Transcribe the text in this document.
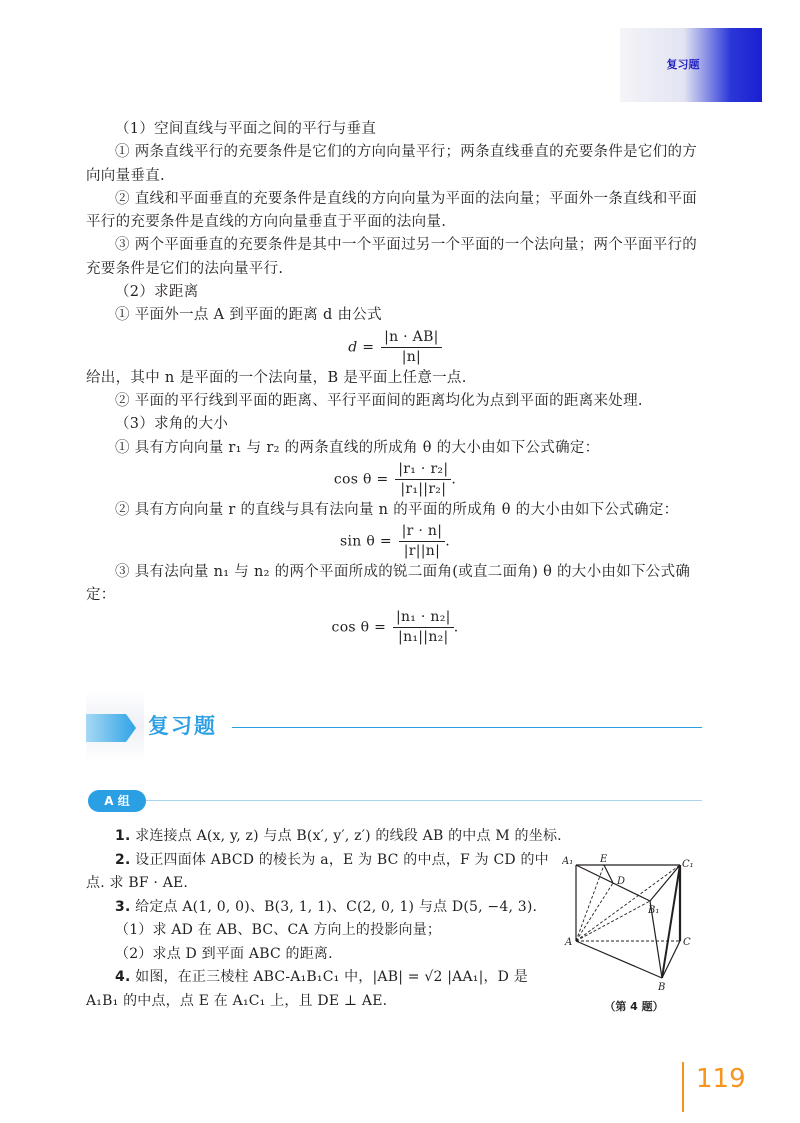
复习题

（1）空间直线与平面之间的平行与垂直

① 两条直线平行的充要条件是它们的方向向量平行；两条直线垂直的充要条件是它们的方向向量垂直.

② 直线和平面垂直的充要条件是直线的方向向量为平面的法向量；平面外一条直线和平面平行的充要条件是直线的方向向量垂直于平面的法向量.

③ 两个平面垂直的充要条件是其中一个平面过另一个平面的一个法向量；两个平面平行的充要条件是它们的法向量平行.

（2）求距离

① 平面外一点 A 到平面的距离 d 由公式

$d = \frac{|n \cdot AB|}{|n|}$

给出，其中 n 是平面的一个法向量，B 是平面上任意一点.

② 平面的平行线到平面的距离、平行平面间的距离均化为点到平面的距离来处理.

（3）求角的大小

① 具有方向向量 r₁ 与 r₂ 的两条直线的所成角 θ 的大小由如下公式确定：

$\cos \theta = \frac{\text{|r₁ · r₂|}}{\text{|r₁||r₂|}}$ .

② 具有方向向量 r 的直线与具有法向量 n 的平面的所成角 θ 的大小由如下公式确定：

$\sin \theta = \frac{|r \cdot n|}{|r||n|}$ .

③ 具有法向量 n₁ 与 n₂ 的两个平面所成的锐二面角(或直二面角) θ 的大小由如下公式确定：

$\cos \theta = \frac{\text{|n₁ · n₂|}}{\text{|n₁||n₂|}}$ .

复习题
A 组

1. 求连接点 A(x, y, z) 与点 B(x′, y′, z′) 的线段 AB 的中点 M 的坐标.

2. 设正四面体 ABCD 的棱长为 a，E 为 BC 的中点，F 为 CD 的中点. 求 BF · AE.

3. 给定点 A(1, 0, 0)、B(3, 1, 1)、C(2, 0, 1) 与点 D(5, −4, 3).

（1）求 AD 在 AB、BC、CA 方向上的投影向量；

（2）求点 D 到平面 ABC 的距离.

4. 如图，在正三棱柱 ABC-A₁B₁C₁ 中，|AB| = √2 |AA₁|，D 是 A₁B₁ 的中点，点 E 在 A₁C₁ 上，且 DE ⊥ AE.

A₁	E	C₁
D
B₁
A	C
B
（第 4 题）
119
